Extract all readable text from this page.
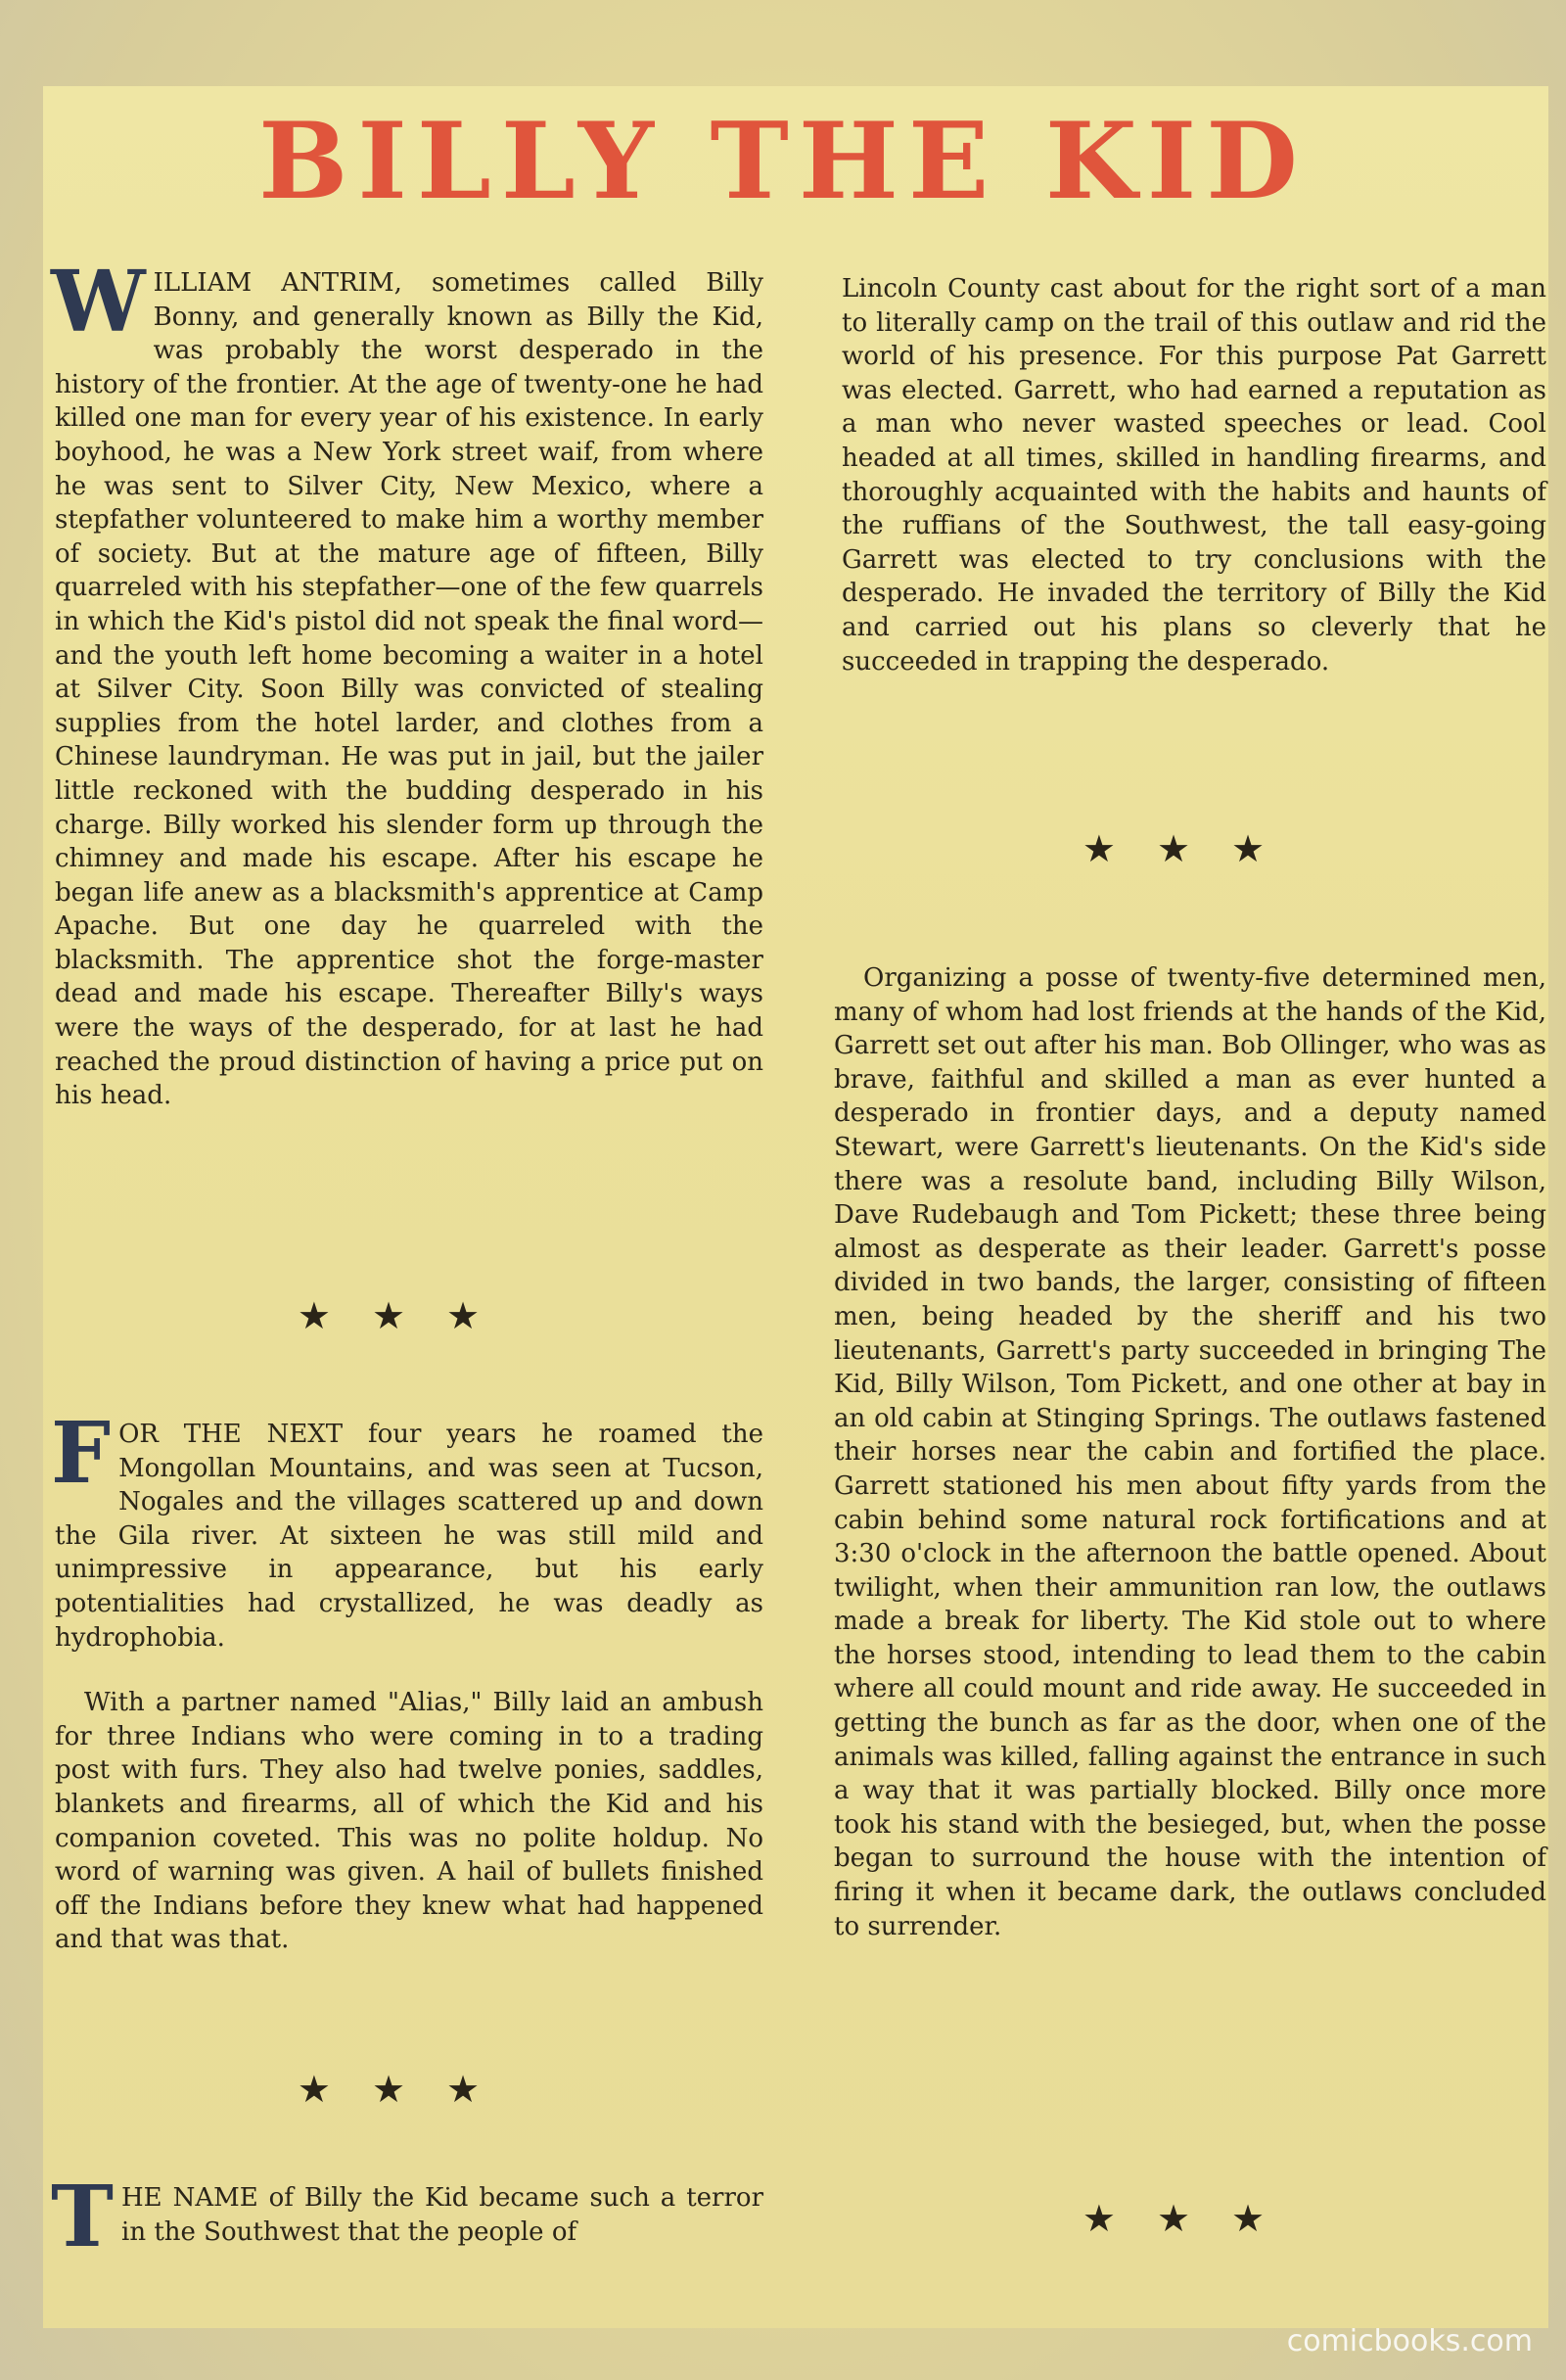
BILLY THE KID

WILLIAM ANTRIM, sometimes called Billy Bonny, and generally known as Billy the Kid, was probably the worst desperado in the history of the frontier. At the age of twenty-one he had killed one man for every year of his existence. In early boyhood, he was a New York street waif, from where he was sent to Silver City, New Mexico, where a stepfather volunteered to make him a worthy member of society. But at the mature age of fifteen, Billy quarreled with his stepfather—one of the few quarrels in which the Kid's pistol did not speak the final word—and the youth left home becoming a waiter in a hotel at Silver City. Soon Billy was convicted of stealing supplies from the hotel larder, and clothes from a Chinese laundryman. He was put in jail, but the jailer little reckoned with the budding desperado in his charge. Billy worked his slender form up through the chimney and made his escape. After his escape he began life anew as a blacksmith's apprentice at Camp Apache. But one day he quarreled with the blacksmith. The apprentice shot the forge-master dead and made his escape. Thereafter Billy's ways were the ways of the desperado, for at last he had reached the proud distinction of having a price put on his head.

★★★

FOR THE NEXT four years he roamed the Mongollan Mountains, and was seen at Tucson, Nogales and the villages scattered up and down the Gila river. At sixteen he was still mild and unimpressive in appearance, but his early potentialities had crystallized, he was deadly as hydrophobia.

With a partner named "Alias," Billy laid an ambush for three Indians who were coming in to a trading post with furs. They also had twelve ponies, saddles, blankets and firearms, all of which the Kid and his companion coveted. This was no polite holdup. No word of warning was given. A hail of bullets finished off the Indians before they knew what had happened and that was that.

★★★

THE NAME of Billy the Kid became such a terror in the Southwest that the people of

Lincoln County cast about for the right sort of a man to literally camp on the trail of this outlaw and rid the world of his presence. For this purpose Pat Garrett was elected. Garrett, who had earned a reputation as a man who never wasted speeches or lead. Cool headed at all times, skilled in handling firearms, and thoroughly acquainted with the habits and haunts of the ruffians of the Southwest, the tall easy-going Garrett was elected to try conclusions with the desperado. He invaded the territory of Billy the Kid and carried out his plans so cleverly that he succeeded in trapping the desperado.

★★★

Organizing a posse of twenty-five determined men, many of whom had lost friends at the hands of the Kid, Garrett set out after his man. Bob Ollinger, who was as brave, faithful and skilled a man as ever hunted a desperado in frontier days, and a deputy named Stewart, were Garrett's lieutenants. On the Kid's side there was a resolute band, including Billy Wilson, Dave Rudebaugh and Tom Pickett; these three being almost as desperate as their leader. Garrett's posse divided in two bands, the larger, consisting of fifteen men, being headed by the sheriff and his two lieutenants, Garrett's party succeeded in bringing The Kid, Billy Wilson, Tom Pickett, and one other at bay in an old cabin at Stinging Springs. The outlaws fastened their horses near the cabin and fortified the place. Garrett stationed his men about fifty yards from the cabin behind some natural rock fortifications and at 3:30 o'clock in the afternoon the battle opened. About twilight, when their ammunition ran low, the outlaws made a break for liberty. The Kid stole out to where the horses stood, intending to lead them to the cabin where all could mount and ride away. He succeeded in getting the bunch as far as the door, when one of the animals was killed, falling against the entrance in such a way that it was partially blocked. Billy once more took his stand with the besieged, but, when the posse began to surround the house with the intention of firing it when it became dark, the outlaws concluded to surrender.

★★★
comicbooks.com
